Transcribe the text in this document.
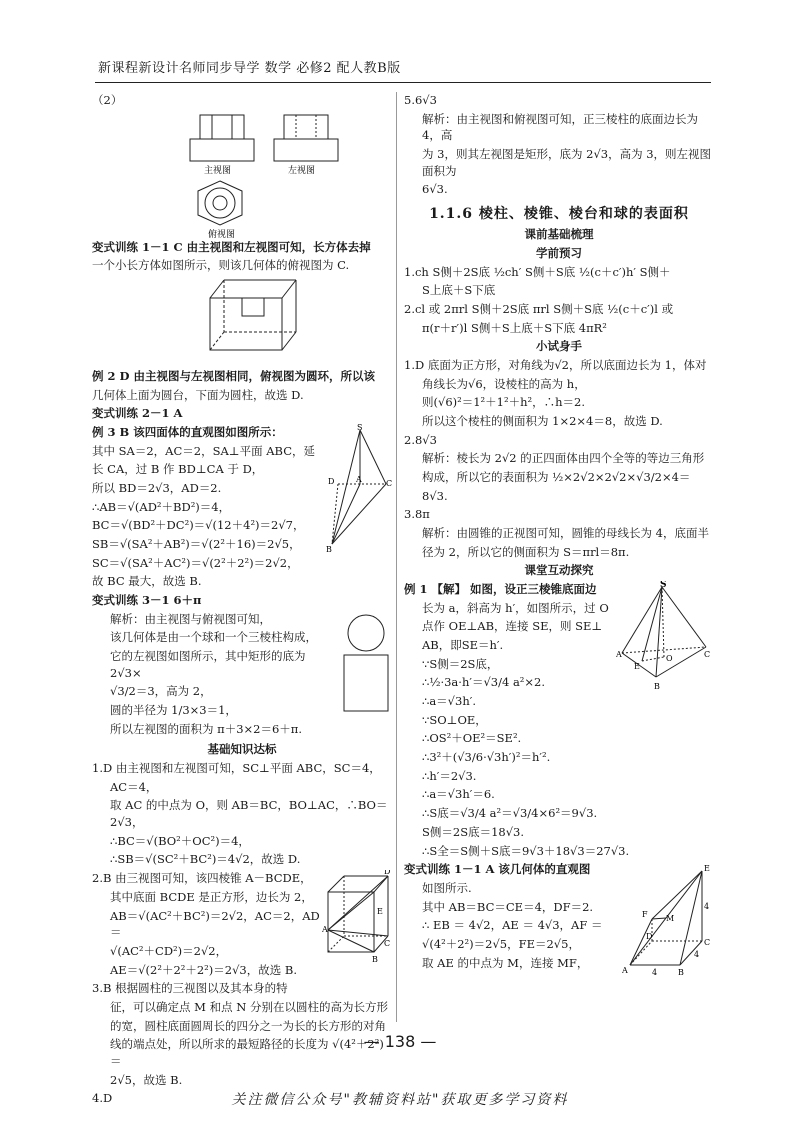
新课程新设计名师同步导学 数学 必修2 配人教B版
（2）
主视图	左视图
俯视图
变式训练 1－1 C 由主视图和左视图可知，长方体去掉
一个小长方体如图所示，则该几何体的俯视图为 C.
例 2 D 由主视图与左视图相同，俯视图为圆环，所以该
几何体上面为圆台，下面为圆柱，故选 D.
变式训练 2－1 A
例 3 B 该四面体的直观图如图所示：
其中 SA＝2，AC＝2，SA⊥平面 ABC，延
长 CA，过 B 作 BD⊥CA 于 D，
所以 BD＝2√3，AD＝2.
∴AB＝√(AD²＋BD²)＝4，
BC＝√(BD²＋DC²)＝√(12＋4²)＝2√7，
SB＝√(SA²＋AB²)＝√(2²＋16)＝2√5，
SC＝√(SA²＋AC²)＝√(2²＋2²)＝2√2，
故 BC 最大，故选 B.
S
D	A	C
B
变式训练 3－1 6＋π
解析：由主视图与俯视图可知，
该几何体是由一个球和一个三棱柱构成，
它的左视图如图所示，其中矩形的底为 2√3×
√3/2＝3，高为 2，
圆的半径为 1/3×3＝1，
所以左视图的面积为 π＋3×2＝6＋π.
基础知识达标
1.D 由主视图和左视图可知，SC⊥平面 ABC，SC＝4，
AC＝4，
取 AC 的中点为 O，则 AB＝BC，BO⊥AC，∴BO＝2√3，
∴BC＝√(BO²＋OC²)＝4，
∴SB＝√(SC²＋BC²)＝4√2，故选 D.
2.B 由三视图可知，该四棱锥 A－BCDE，
其中底面 BCDE 是正方形，边长为 2，
AB＝√(AC²＋BC²)＝2√2，AC＝2，AD＝
√(AC²＋CD²)＝2√2，
AE＝√(2²＋2²＋2²)＝2√3，故选 B.
A
D
E
C
B
3.B 根据圆柱的三视图以及其本身的特
征，可以确定点 M 和点 N 分别在以圆柱的高为长方形
的宽，圆柱底面圆周长的四分之一为长的长方形的对角
线的端点处，所以所求的最短路径的长度为 √(4²＋2²)＝
2√5，故选 B.
4.D
5.6√3
解析：由主视图和俯视图可知，正三棱柱的底面边长为 4，高
为 3，则其左视图是矩形，底为 2√3，高为 3，则左视图面积为
6√3.
1.1.6 棱柱、棱锥、棱台和球的表面积
课前基础梳理
学前预习
1.ch S侧＋2S底 ½ch′ S侧＋S底 ½(c＋c′)h′ S侧＋
S上底＋S下底
2.cl 或 2πrl S侧＋2S底 πrl S侧＋S底 ½(c＋c′)l 或
π(r＋r′)l S侧＋S上底＋S下底 4πR²
小试身手
1.D 底面为正方形，对角线为√2，所以底面边长为 1，体对
角线长为√6，设棱柱的高为 h，
则(√6)²＝1²＋1²＋h²，∴h＝2.
所以这个棱柱的侧面积为 1×2×4＝8，故选 D.
2.8√3
解析：棱长为 2√2 的正四面体由四个全等的等边三角形
构成，所以它的表面积为 ½×2√2×2√2×√3/2×4＝
8√3.
3.8π
解析：由圆锥的正视图可知，圆锥的母线长为 4，底面半
径为 2，所以它的侧面积为 S＝πrl＝8π.
课堂互动探究
例 1 【解】 如图，设正三棱锥底面边
长为 a，斜高为 h′，如图所示，过 O
点作 OE⊥AB，连接 SE，则 SE⊥
AB，即SE＝h′.
∵S侧＝2S底，
∴½·3a·h′＝√3/4 a²×2.
S
A	O
E
B
C
∴a＝√3h′.
∵SO⊥OE，
∴OS²＋OE²＝SE².
∴3²＋(√3/6·√3h′)²＝h′².
∴h′＝2√3.
∴a＝√3h′＝6.
∴S底＝√3/4 a²＝√3/4×6²＝9√3.
S侧＝2S底＝18√3.
∴S全＝S侧＋S底＝9√3＋18√3＝27√3.
变式训练 1－1 A 该几何体的直观图
如图所示.
其中 AB＝BC＝CE＝4，DF＝2.
∴ EB ＝ 4√2，AE ＝ 4√3，AF ＝
√(4²＋2²)＝2√5，FE＝2√5，
取 AE 的中点为 M，连接 MF，
E
F M
D
C
A	B
4
4
4
— 138 —
关注微信公众号"教辅资料站"获取更多学习资料
